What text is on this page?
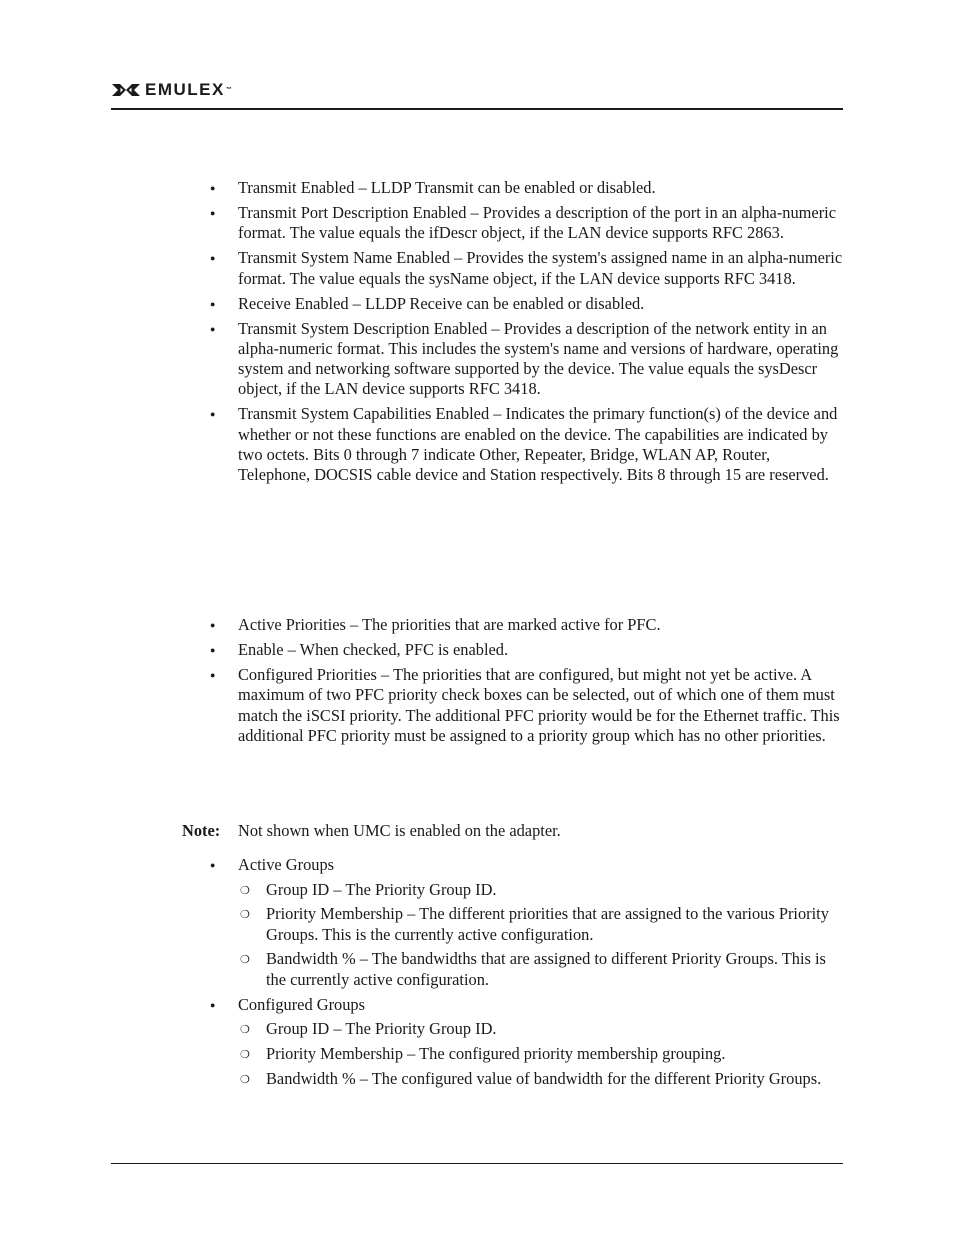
EMULEX™
● Transmit Enabled – LLDP Transmit can be enabled or disabled.
● Transmit Port Description Enabled – Provides a description of the port in an alpha-numeric format. The value equals the ifDescr object, if the LAN device supports RFC 2863.
● Transmit System Name Enabled – Provides the system's assigned name in an alpha-numeric format. The value equals the sysName object, if the LAN device supports RFC 3418.
● Receive Enabled – LLDP Receive can be enabled or disabled.
● Transmit System Description Enabled – Provides a description of the network entity in an alpha-numeric format. This includes the system's name and versions of hardware, operating system and networking software supported by the device. The value equals the sysDescr object, if the LAN device supports RFC 3418.
● Transmit System Capabilities Enabled – Indicates the primary function(s) of the device and whether or not these functions are enabled on the device. The capabilities are indicated by two octets. Bits 0 through 7 indicate Other, Repeater, Bridge, WLAN AP, Router, Telephone, DOCSIS cable device and Station respectively. Bits 8 through 15 are reserved.
● Active Priorities – The priorities that are marked active for PFC.
● Enable – When checked, PFC is enabled.
● Configured Priorities – The priorities that are configured, but might not yet be active. A maximum of two PFC priority check boxes can be selected, out of which one of them must match the iSCSI priority. The additional PFC priority would be for the Ethernet traffic. This additional PFC priority must be assigned to a priority group which has no other priorities.
Note: Not shown when UMC is enabled on the adapter.
● Active Groups
❍ Group ID – The Priority Group ID.
❍ Priority Membership – The different priorities that are assigned to the various Priority Groups. This is the currently active configuration.
❍ Bandwidth % – The bandwidths that are assigned to different Priority Groups. This is the currently active configuration.
● Configured Groups
❍ Group ID – The Priority Group ID.
❍ Priority Membership – The configured priority membership grouping.
❍ Bandwidth % – The configured value of bandwidth for the different Priority Groups.
